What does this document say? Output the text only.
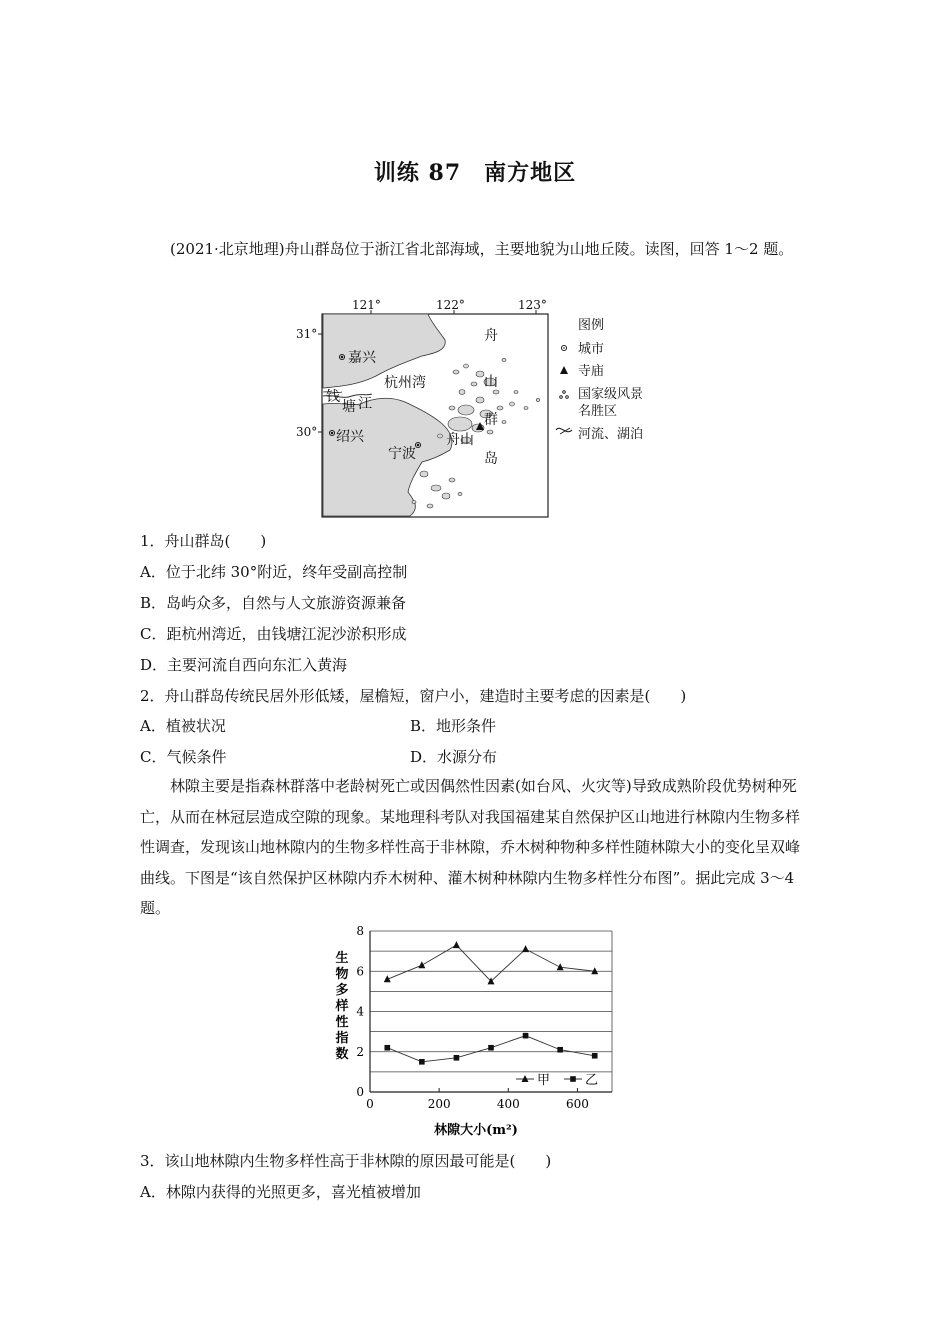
训练 87　南方地区
(2021·北京地理)舟山群岛位于浙江省北部海域，主要地貌为山地丘陵。读图，回答 1～2 题。
121°	122°	123°
31°
30°
嘉兴
杭州湾
钱
塘 江
绍兴
宁波
舟山
舟
山
群
岛
图例
城市
寺庙
国家级风景
名胜区
河流、湖泊
1．舟山群岛(　　)
A．位于北纬 30°附近，终年受副高控制
B．岛屿众多，自然与人文旅游资源兼备
C．距杭州湾近，由钱塘江泥沙淤积形成
D．主要河流自西向东汇入黄海
2．舟山群岛传统民居外形低矮，屋檐短，窗户小，建造时主要考虑的因素是(　　)
A．植被状况	B．地形条件
C．气候条件	D．水源分布
林隙主要是指森林群落中老龄树死亡或因偶然性因素(如台风、火灾等)导致成熟阶段优势树种死亡，从而在林冠层造成空隙的现象。某地理科考队对我国福建某自然保护区山地进行林隙内生物多样性调查，发现该山地林隙内的生物多样性高于非林隙，乔木树种物种多样性随林隙大小的变化呈双峰曲线。下图是“该自然保护区林隙内乔木树种、灌木树种林隙内生物多样性分布图”。据此完成 3～4 题。
0
2
4
6
8
0	200	400	600
生
物
多
样
性
指
数
林隙大小(m²)
甲	乙
3．该山地林隙内生物多样性高于非林隙的原因最可能是(　　)
A．林隙内获得的光照更多，喜光植被增加
